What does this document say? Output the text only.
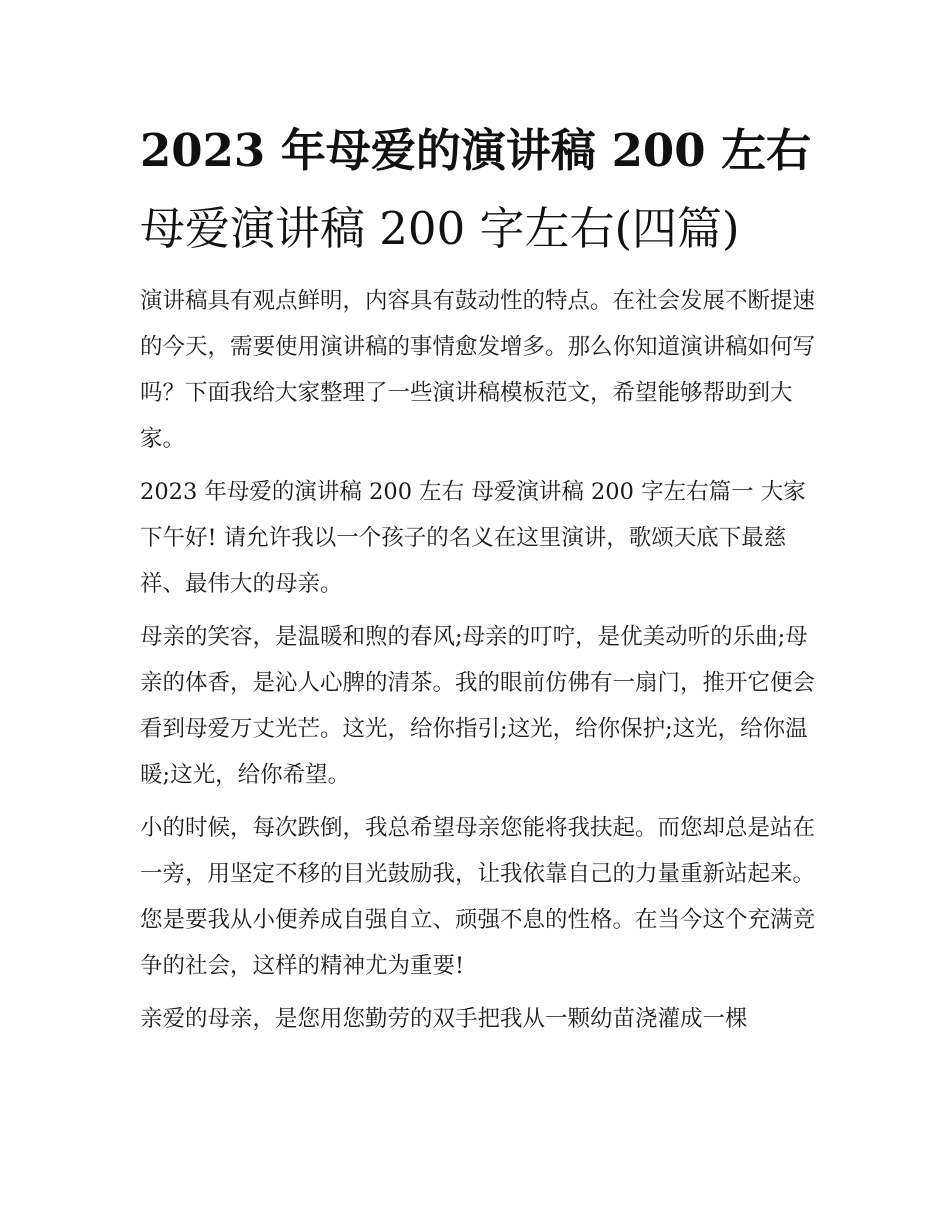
2023 年母爱的演讲稿 200 左右
母爱演讲稿 200 字左右(四篇)

演讲稿具有观点鲜明，内容具有鼓动性的特点。在社会发展不断提速的今天，需要使用演讲稿的事情愈发增多。那么你知道演讲稿如何写吗？下面我给大家整理了一些演讲稿模板范文，希望能够帮助到大家。

2023 年母爱的演讲稿 200 左右 母爱演讲稿 200 字左右篇一 大家下午好! 请允许我以一个孩子的名义在这里演讲，歌颂天底下最慈祥、最伟大的母亲。

母亲的笑容，是温暖和煦的春风;母亲的叮咛，是优美动听的乐曲;母亲的体香，是沁人心脾的清茶。我的眼前仿佛有一扇门，推开它便会看到母爱万丈光芒。这光，给你指引;这光，给你保护;这光，给你温暖;这光，给你希望。

小的时候，每次跌倒，我总希望母亲您能将我扶起。而您却总是站在一旁，用坚定不移的目光鼓励我，让我依靠自己的力量重新站起来。您是要我从小便养成自强自立、顽强不息的性格。在当今这个充满竞争的社会，这样的精神尤为重要!

亲爱的母亲，是您用您勤劳的双手把我从一颗幼苗浇灌成一棵
